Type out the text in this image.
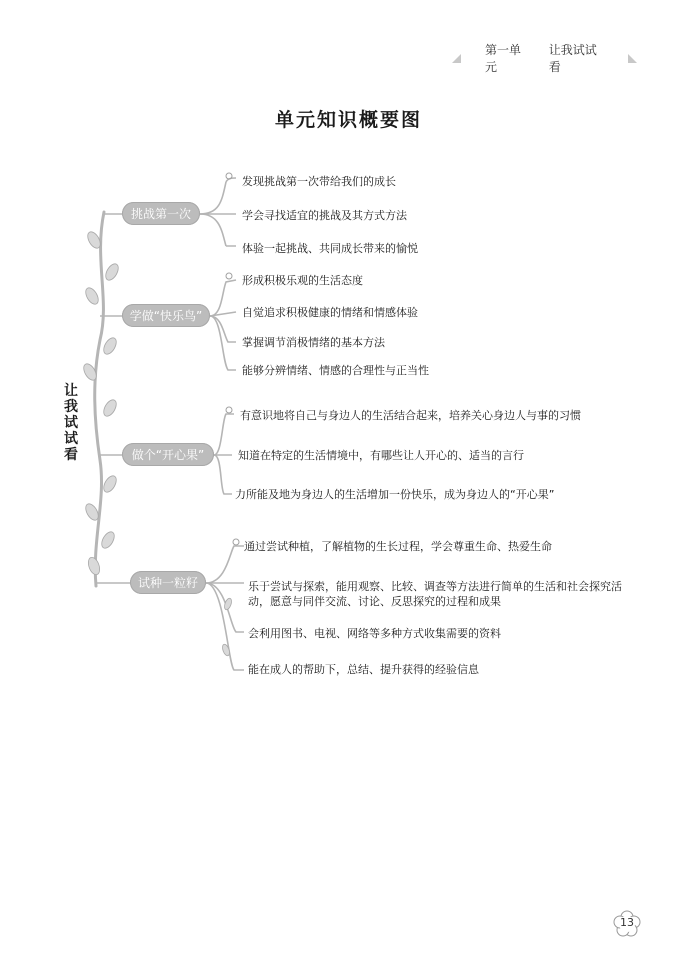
第一单元
让我试试看
单元知识概要图
让
我
试
试
看
挑战第一次
发现挑战第一次带给我们的成长
学会寻找适宜的挑战及其方式方法
体验一起挑战、共同成长带来的愉悦
学做“快乐鸟”
形成积极乐观的生活态度
自觉追求积极健康的情绪和情感体验
掌握调节消极情绪的基本方法
能够分辨情绪、情感的合理性与正当性
做个“开心果”
有意识地将自己与身边人的生活结合起来，培养关心身边人与事的习惯
知道在特定的生活情境中，有哪些让人开心的、适当的言行
力所能及地为身边人的生活增加一份快乐，成为身边人的“开心果”
试种一粒籽
通过尝试种植，了解植物的生长过程，学会尊重生命、热爱生命
乐于尝试与探索，能用观察、比较、调查等方法进行简单的生活和社会探究活动，愿意与同伴交流、讨论、反思探究的过程和成果
会利用图书、电视、网络等多种方式收集需要的资料
能在成人的帮助下，总结、提升获得的经验信息
13
